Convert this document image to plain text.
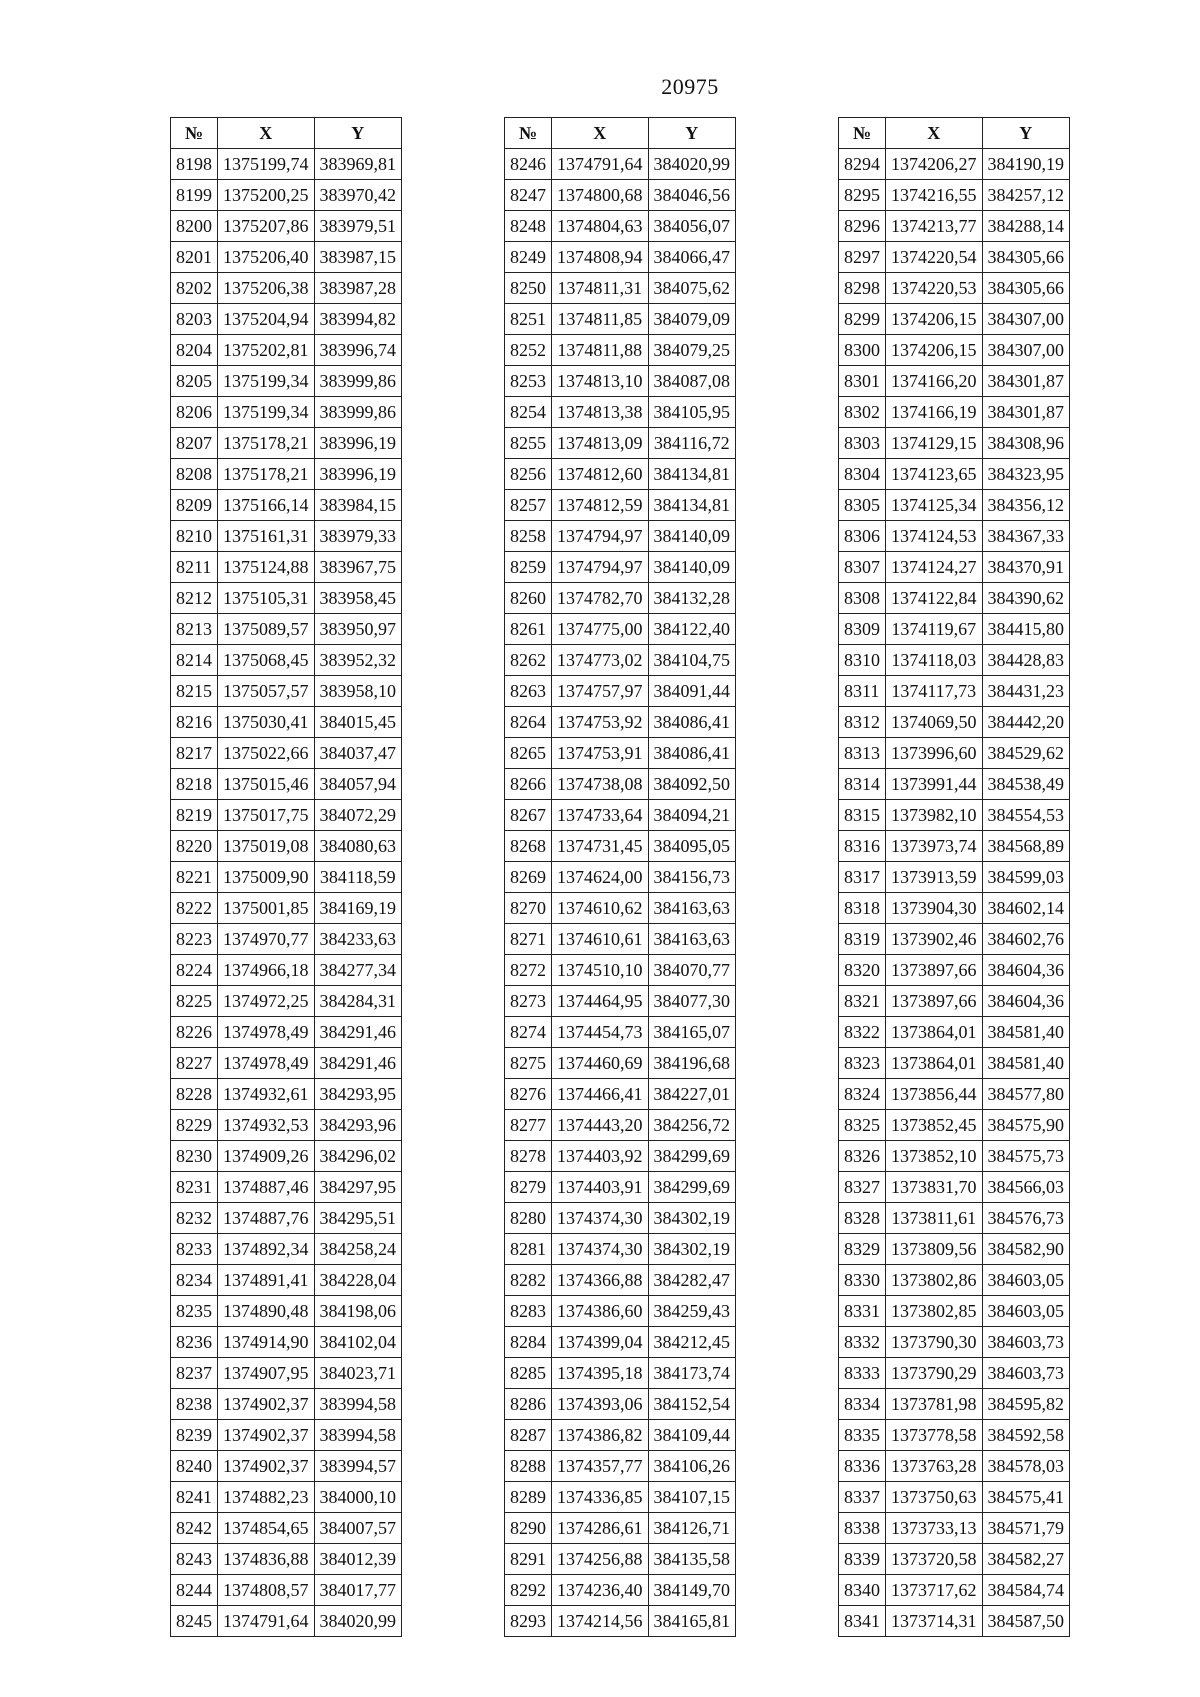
20975
№	X	Y
8198	1375199,74	383969,81
8199	1375200,25	383970,42
8200	1375207,86	383979,51
8201	1375206,40	383987,15
8202	1375206,38	383987,28
8203	1375204,94	383994,82
8204	1375202,81	383996,74
8205	1375199,34	383999,86
8206	1375199,34	383999,86
8207	1375178,21	383996,19
8208	1375178,21	383996,19
8209	1375166,14	383984,15
8210	1375161,31	383979,33
8211	1375124,88	383967,75
8212	1375105,31	383958,45
8213	1375089,57	383950,97
8214	1375068,45	383952,32
8215	1375057,57	383958,10
8216	1375030,41	384015,45
8217	1375022,66	384037,47
8218	1375015,46	384057,94
8219	1375017,75	384072,29
8220	1375019,08	384080,63
8221	1375009,90	384118,59
8222	1375001,85	384169,19
8223	1374970,77	384233,63
8224	1374966,18	384277,34
8225	1374972,25	384284,31
8226	1374978,49	384291,46
8227	1374978,49	384291,46
8228	1374932,61	384293,95
8229	1374932,53	384293,96
8230	1374909,26	384296,02
8231	1374887,46	384297,95
8232	1374887,76	384295,51
8233	1374892,34	384258,24
8234	1374891,41	384228,04
8235	1374890,48	384198,06
8236	1374914,90	384102,04
8237	1374907,95	384023,71
8238	1374902,37	383994,58
8239	1374902,37	383994,58
8240	1374902,37	383994,57
8241	1374882,23	384000,10
8242	1374854,65	384007,57
8243	1374836,88	384012,39
8244	1374808,57	384017,77
8245	1374791,64	384020,99
№	X	Y
8246	1374791,64	384020,99
8247	1374800,68	384046,56
8248	1374804,63	384056,07
8249	1374808,94	384066,47
8250	1374811,31	384075,62
8251	1374811,85	384079,09
8252	1374811,88	384079,25
8253	1374813,10	384087,08
8254	1374813,38	384105,95
8255	1374813,09	384116,72
8256	1374812,60	384134,81
8257	1374812,59	384134,81
8258	1374794,97	384140,09
8259	1374794,97	384140,09
8260	1374782,70	384132,28
8261	1374775,00	384122,40
8262	1374773,02	384104,75
8263	1374757,97	384091,44
8264	1374753,92	384086,41
8265	1374753,91	384086,41
8266	1374738,08	384092,50
8267	1374733,64	384094,21
8268	1374731,45	384095,05
8269	1374624,00	384156,73
8270	1374610,62	384163,63
8271	1374610,61	384163,63
8272	1374510,10	384070,77
8273	1374464,95	384077,30
8274	1374454,73	384165,07
8275	1374460,69	384196,68
8276	1374466,41	384227,01
8277	1374443,20	384256,72
8278	1374403,92	384299,69
8279	1374403,91	384299,69
8280	1374374,30	384302,19
8281	1374374,30	384302,19
8282	1374366,88	384282,47
8283	1374386,60	384259,43
8284	1374399,04	384212,45
8285	1374395,18	384173,74
8286	1374393,06	384152,54
8287	1374386,82	384109,44
8288	1374357,77	384106,26
8289	1374336,85	384107,15
8290	1374286,61	384126,71
8291	1374256,88	384135,58
8292	1374236,40	384149,70
8293	1374214,56	384165,81
№	X	Y
8294	1374206,27	384190,19
8295	1374216,55	384257,12
8296	1374213,77	384288,14
8297	1374220,54	384305,66
8298	1374220,53	384305,66
8299	1374206,15	384307,00
8300	1374206,15	384307,00
8301	1374166,20	384301,87
8302	1374166,19	384301,87
8303	1374129,15	384308,96
8304	1374123,65	384323,95
8305	1374125,34	384356,12
8306	1374124,53	384367,33
8307	1374124,27	384370,91
8308	1374122,84	384390,62
8309	1374119,67	384415,80
8310	1374118,03	384428,83
8311	1374117,73	384431,23
8312	1374069,50	384442,20
8313	1373996,60	384529,62
8314	1373991,44	384538,49
8315	1373982,10	384554,53
8316	1373973,74	384568,89
8317	1373913,59	384599,03
8318	1373904,30	384602,14
8319	1373902,46	384602,76
8320	1373897,66	384604,36
8321	1373897,66	384604,36
8322	1373864,01	384581,40
8323	1373864,01	384581,40
8324	1373856,44	384577,80
8325	1373852,45	384575,90
8326	1373852,10	384575,73
8327	1373831,70	384566,03
8328	1373811,61	384576,73
8329	1373809,56	384582,90
8330	1373802,86	384603,05
8331	1373802,85	384603,05
8332	1373790,30	384603,73
8333	1373790,29	384603,73
8334	1373781,98	384595,82
8335	1373778,58	384592,58
8336	1373763,28	384578,03
8337	1373750,63	384575,41
8338	1373733,13	384571,79
8339	1373720,58	384582,27
8340	1373717,62	384584,74
8341	1373714,31	384587,50
